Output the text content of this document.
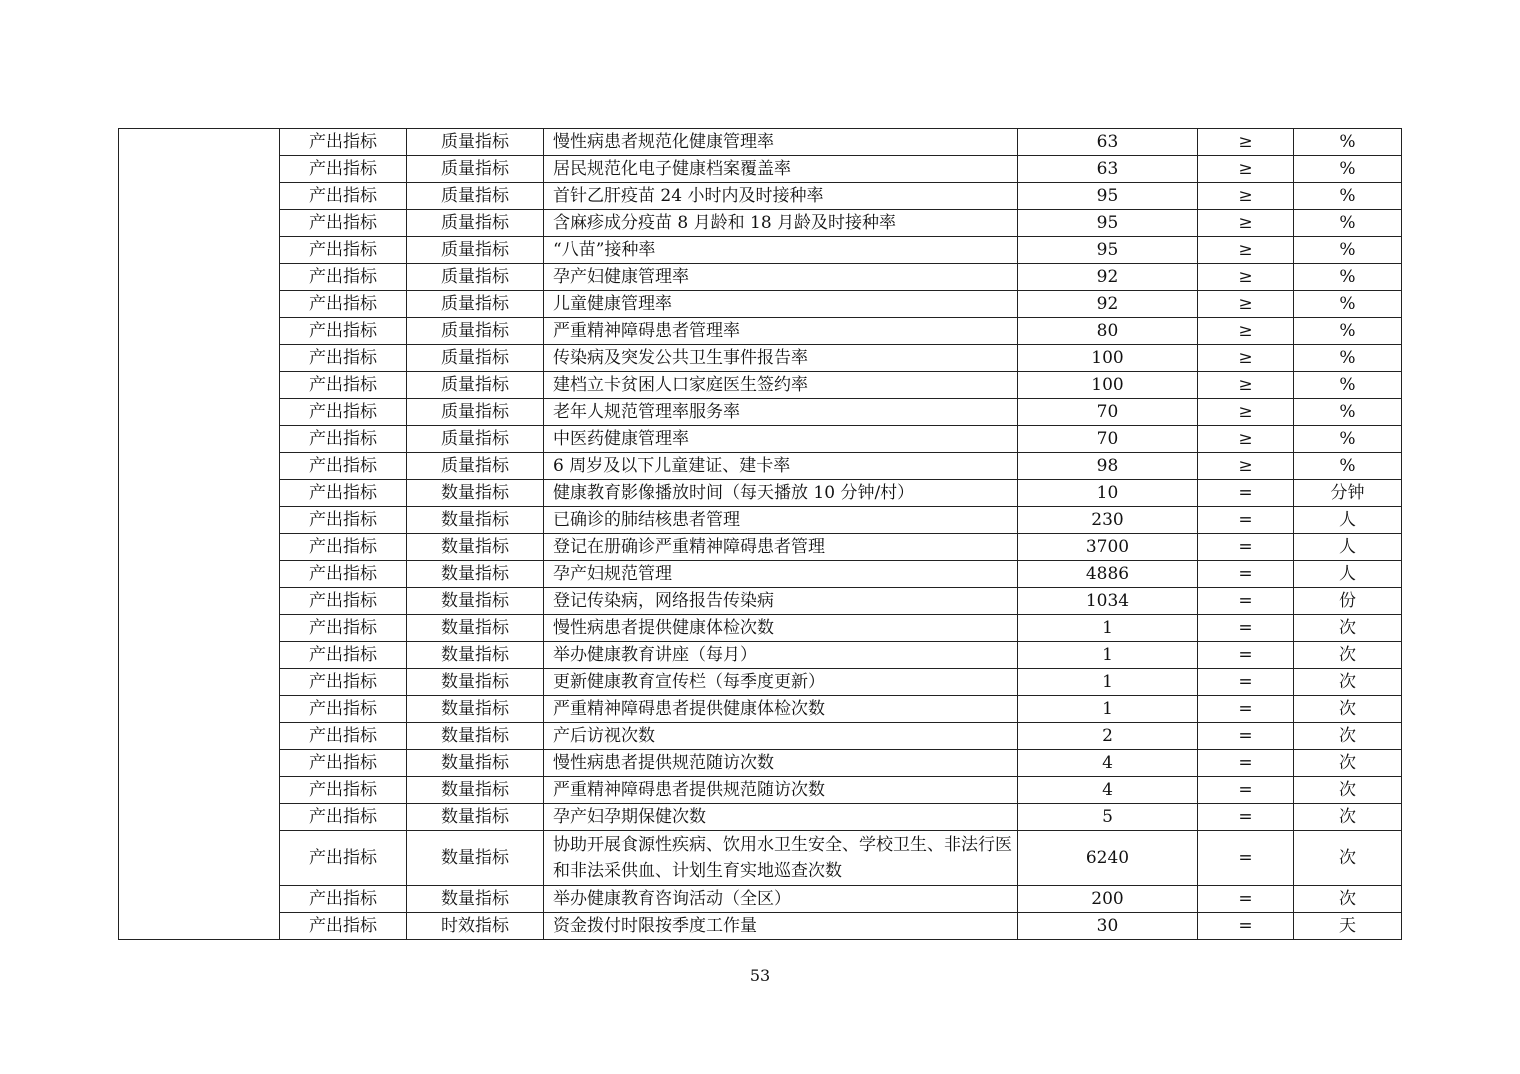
	产出指标	质量指标	慢性病患者规范化健康管理率	63	≥	%
	产出指标	质量指标	居民规范化电子健康档案覆盖率	63	≥	%
	产出指标	质量指标	首针乙肝疫苗 24 小时内及时接种率	95	≥	%
	产出指标	质量指标	含麻疹成分疫苗 8 月龄和 18 月龄及时接种率	95	≥	%
	产出指标	质量指标	“八苗”接种率	95	≥	%
	产出指标	质量指标	孕产妇健康管理率	92	≥	%
	产出指标	质量指标	儿童健康管理率	92	≥	%
	产出指标	质量指标	严重精神障碍患者管理率	80	≥	%
	产出指标	质量指标	传染病及突发公共卫生事件报告率	100	≥	%
	产出指标	质量指标	建档立卡贫困人口家庭医生签约率	100	≥	%
	产出指标	质量指标	老年人规范管理率服务率	70	≥	%
	产出指标	质量指标	中医药健康管理率	70	≥	%
	产出指标	质量指标	6 周岁及以下儿童建证、建卡率	98	≥	%
	产出指标	数量指标	健康教育影像播放时间（每天播放 10 分钟/村）	10	=	分钟
	产出指标	数量指标	已确诊的肺结核患者管理	230	=	人
	产出指标	数量指标	登记在册确诊严重精神障碍患者管理	3700	=	人
	产出指标	数量指标	孕产妇规范管理	4886	=	人
	产出指标	数量指标	登记传染病，网络报告传染病	1034	=	份
	产出指标	数量指标	慢性病患者提供健康体检次数	1	=	次
	产出指标	数量指标	举办健康教育讲座（每月）	1	=	次
	产出指标	数量指标	更新健康教育宣传栏（每季度更新）	1	=	次
	产出指标	数量指标	严重精神障碍患者提供健康体检次数	1	=	次
	产出指标	数量指标	产后访视次数	2	=	次
	产出指标	数量指标	慢性病患者提供规范随访次数	4	=	次
	产出指标	数量指标	严重精神障碍患者提供规范随访次数	4	=	次
	产出指标	数量指标	孕产妇孕期保健次数	5	=	次
	产出指标	数量指标	协助开展食源性疾病、饮用水卫生安全、学校卫生、非法行医和非法采供血、计划生育实地巡查次数	6240	=	次
	产出指标	数量指标	举办健康教育咨询活动（全区）	200	=	次
	产出指标	时效指标	资金拨付时限按季度工作量	30	=	天
53
